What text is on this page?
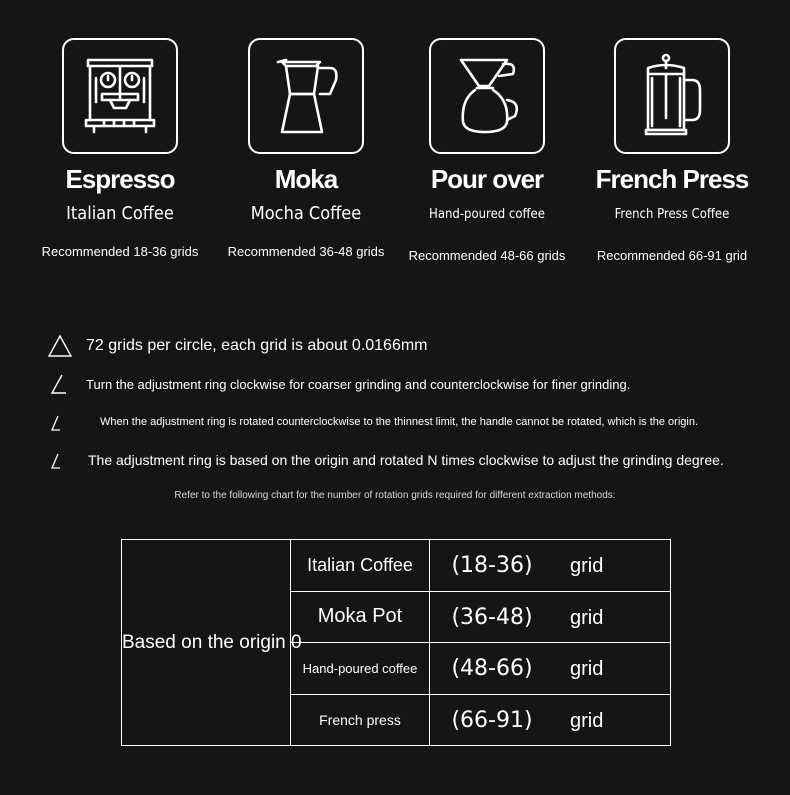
Espresso
Italian Coffee
Recommended 18-36 grids
Moka
Mocha Coffee
Recommended 36-48 grids
Pour over
Hand-poured coffee
Recommended 48-66 grids
French Press
French Press Coffee
Recommended 66-91 grid
72 grids per circle, each grid is about 0.0166mm
Turn the adjustment ring clockwise for coarser grinding and counterclockwise for finer grinding.
When the adjustment ring is rotated counterclockwise to the thinnest limit, the handle cannot be rotated, which is the origin.
The adjustment ring is based on the origin and rotated N times clockwise to adjust the grinding degree.
Refer to the following chart for the number of rotation grids required for different extraction methods:
Based on the origin 0	Italian Coffee	(18-36) grid
	Moka Pot	(36-48) grid
	Hand-poured coffee	(48-66) grid
	French press	(66-91) grid
